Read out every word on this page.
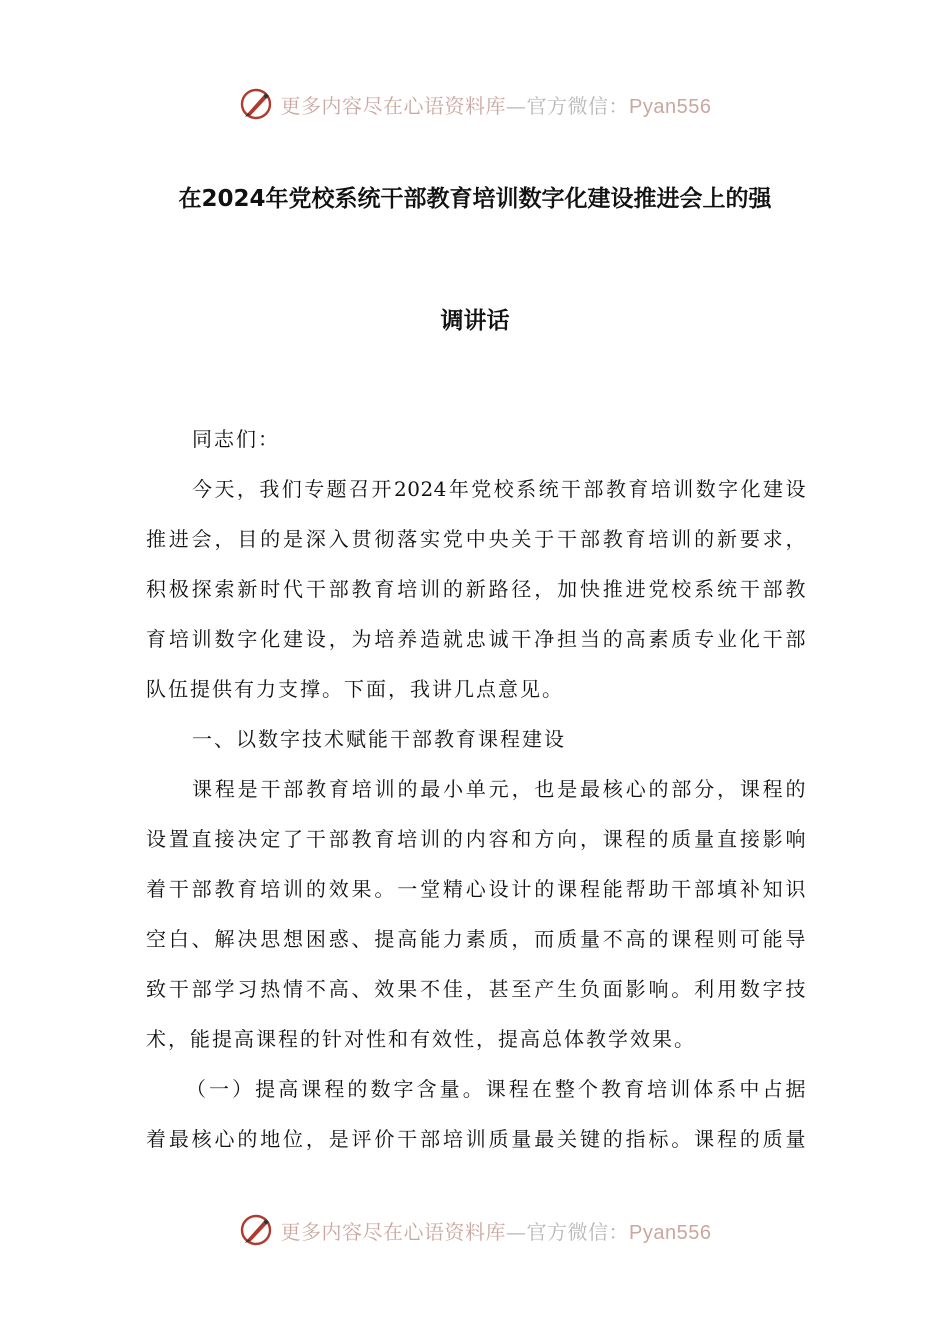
更多内容尽在心语资料库—官方微信：Pyan556
在2024年党校系统干部教育培训数字化建设推进会上的强
调讲话
同志们：
今天，我们专题召开2024年党校系统干部教育培训数字化建设
推进会，目的是深入贯彻落实党中央关于干部教育培训的新要求，
积极探索新时代干部教育培训的新路径，加快推进党校系统干部教
育培训数字化建设，为培养造就忠诚干净担当的高素质专业化干部
队伍提供有力支撑。下面，我讲几点意见。
一、以数字技术赋能干部教育课程建设
课程是干部教育培训的最小单元，也是最核心的部分，课程的
设置直接决定了干部教育培训的内容和方向，课程的质量直接影响
着干部教育培训的效果。一堂精心设计的课程能帮助干部填补知识
空白、解决思想困惑、提高能力素质，而质量不高的课程则可能导
致干部学习热情不高、效果不佳，甚至产生负面影响。利用数字技
术，能提高课程的针对性和有效性，提高总体教学效果。
（一）提高课程的数字含量。课程在整个教育培训体系中占据
着最核心的地位，是评价干部培训质量最关键的指标。课程的质量
更多内容尽在心语资料库—官方微信：Pyan556
